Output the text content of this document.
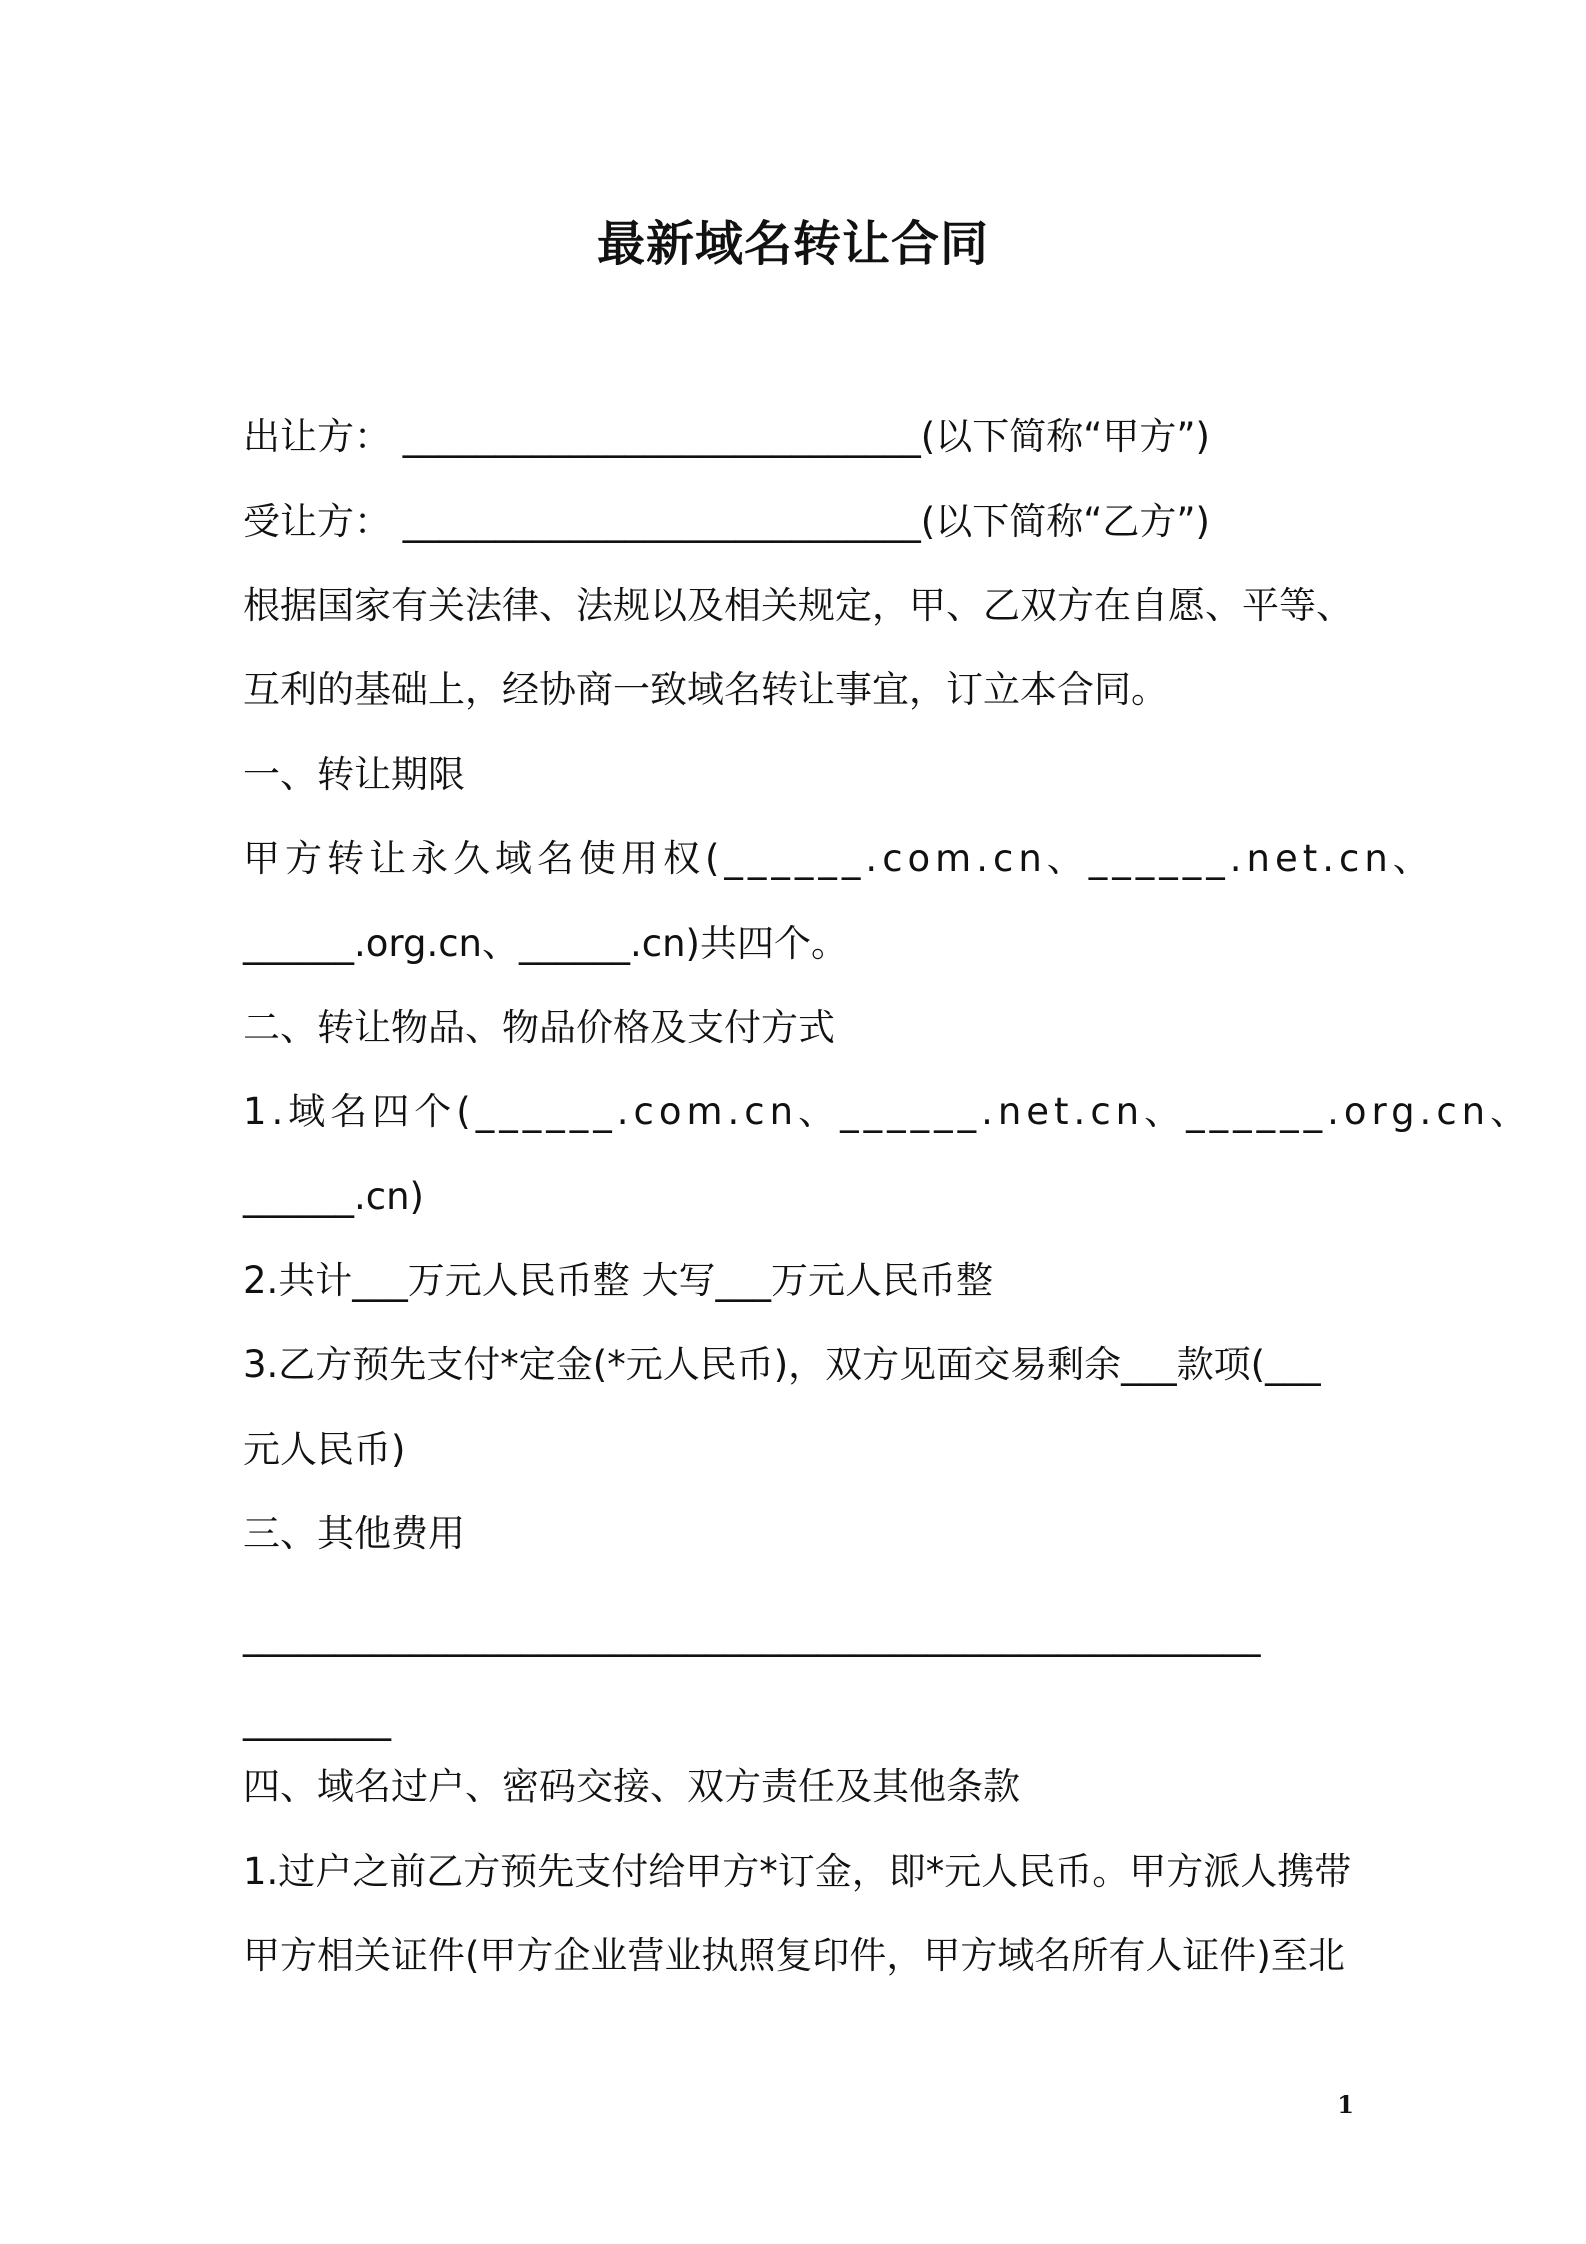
最新域名转让合同
出让方： ____________________________(以下简称“甲方”)
受让方： ____________________________(以下简称“乙方”)
根据国家有关法律、法规以及相关规定，甲、乙双方在自愿、平等、
互利的基础上，经协商一致域名转让事宜，订立本合同。
一、转让期限
甲方转让永久域名使用权(______.com.cn、______.net.cn、
______.org.cn、______.cn)共四个。
二、转让物品、物品价格及支付方式
1.域名四个(______.com.cn、______.net.cn、______.org.cn、
______.cn)
2.共计___万元人民币整 大写___万元人民币整
3.乙方预先支付*定金(*元人民币)，双方见面交易剩余___款项(___
元人民币)
三、其他费用
_______________________________________________________
________
四、域名过户、密码交接、双方责任及其他条款
1.过户之前乙方预先支付给甲方*订金，即*元人民币。甲方派人携带
甲方相关证件(甲方企业营业执照复印件，甲方域名所有人证件)至北
1
